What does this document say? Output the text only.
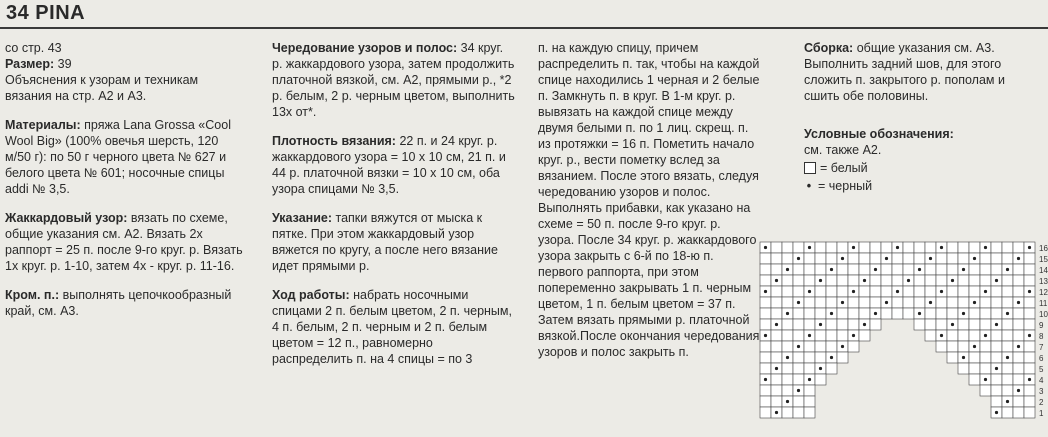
34 PINA

со стр. 43
Размер: 39
Объяснения к узорам и техникам вязания на стр. А2 и А3.

Материалы: пряжа Lana Grossa «Cool Wool Big» (100% овечья шерсть, 120 м/50 г): по 50 г черного цвета № 627 и белого цвета № 601; носочные спицы addi № 3,5.

Жаккардовый узор: вязать по схеме, общие указания см. А2. Вязать 2х раппорт = 25 п. после 9-го круг. р. Вязать 1х круг. р. 1-10, затем 4х - круг. р. 11-16.

Кром. п.: выполнять цепочкообразный край, см. А3.

Чередование узоров и полос: 34 круг. р. жаккардового узора, затем продолжить платочной вязкой, см. А2, прямыми р., *2 р. белым, 2 р. черным цветом, выполнить 13х от*.

Плотность вязания: 22 п. и 24 круг. р. жаккардового узора = 10 х 10 см, 21 п. и 44 р. платочной вязки = 10 х 10 см, оба узора спицами № 3,5.

Указание: тапки вяжутся от мыска к пятке. При этом жаккардовый узор вяжется по кругу, а после него вязание идет прямыми р.

Ход работы: набрать носочными спицами 2 п. белым цветом, 2 п. черным, 4 п. белым, 2 п. черным и 2 п. белым цветом = 12 п., равномерно распределить п. на 4 спицы = по 3

п. на каждую спицу, причем распределить п. так, чтобы на каждой спице находились 1 черная и 2 белые п. Замкнуть п. в круг. В 1-м круг. р. вывязать на каждой спице между двумя белыми п. по 1 лиц. скрещ. п. из протяжки = 16 п. Пометить начало круг. р., вести пометку вслед за вязанием. После этого вязать, следуя чередованию узоров и полос. Выполнять прибавки, как указано на схеме = 50 п. после 9-го круг. р. узора. После 34 круг. р. жаккардового узора закрыть с 6-й по 18-ю п. первого раппорта, при этом попеременно закрывать 1 п. черным цветом, 1 п. белым цветом = 37 п. Затем вязать прямыми р. платочной вязкой.После окончания чередования узоров и полос закрыть п.

Сборка: общие указания см. А3. Выполнить задний шов, для этого сложить п. закрытого р. пополам и сшить обе половины.

Условные обозначения:
см. также А2.
= белый
• = черный
16
15
14
13
12
11
10
9
8
7
6
5
4
3
2
1
